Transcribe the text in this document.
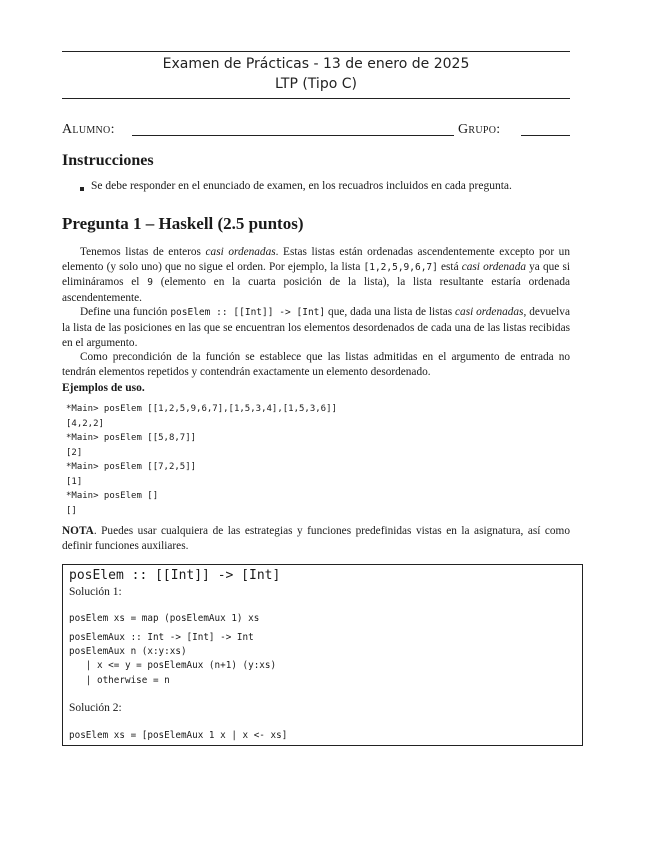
Examen de Prácticas - 13 de enero de 2025
LTP (Tipo C)
Alumno:	Grupo:
Instrucciones
Se debe responder en el enunciado de examen, en los recuadros incluidos en cada pregunta.
Pregunta 1 – Haskell (2.5 puntos)

Tenemos listas de enteros casi ordenadas. Estas listas están ordenadas ascendentemente excepto por un elemento (y solo uno) que no sigue el orden. Por ejemplo, la lista [1,2,5,9,6,7] está casi ordenada ya que si elimináramos el 9 (elemento en la cuarta posición de la lista), la lista resultante estaría ordenada ascendentemente.

Define una función posElem :: [[Int]] -> [Int] que, dada una lista de listas casi ordenadas, devuelva la lista de las posiciones en las que se encuentran los elementos desordenados de cada una de las listas recibidas en el argumento.

Como precondición de la función se establece que las listas admitidas en el argumento de entrada no tendrán elementos repetidos y contendrán exactamente un elemento desordenado.

Ejemplos de uso.
*Main> posElem [[1,2,5,9,6,7],[1,5,3,4],[1,5,3,6]]
[4,2,2]
*Main> posElem [[5,8,7]]
[2]
*Main> posElem [[7,2,5]]
[1]
*Main> posElem []
[]
NOTA. Puedes usar cualquiera de las estrategias y funciones predefinidas vistas en la asignatura, así como definir funciones auxiliares.
posElem :: [[Int]] -> [Int]
Solución 1:
posElem xs = map (posElemAux 1) xs
posElemAux :: Int -> [Int] -> Int
posElemAux n (x:y:xs)
| x <= y = posElemAux (n+1) (y:xs)
| otherwise = n
Solución 2:
posElem xs = [posElemAux 1 x | x <- xs]
